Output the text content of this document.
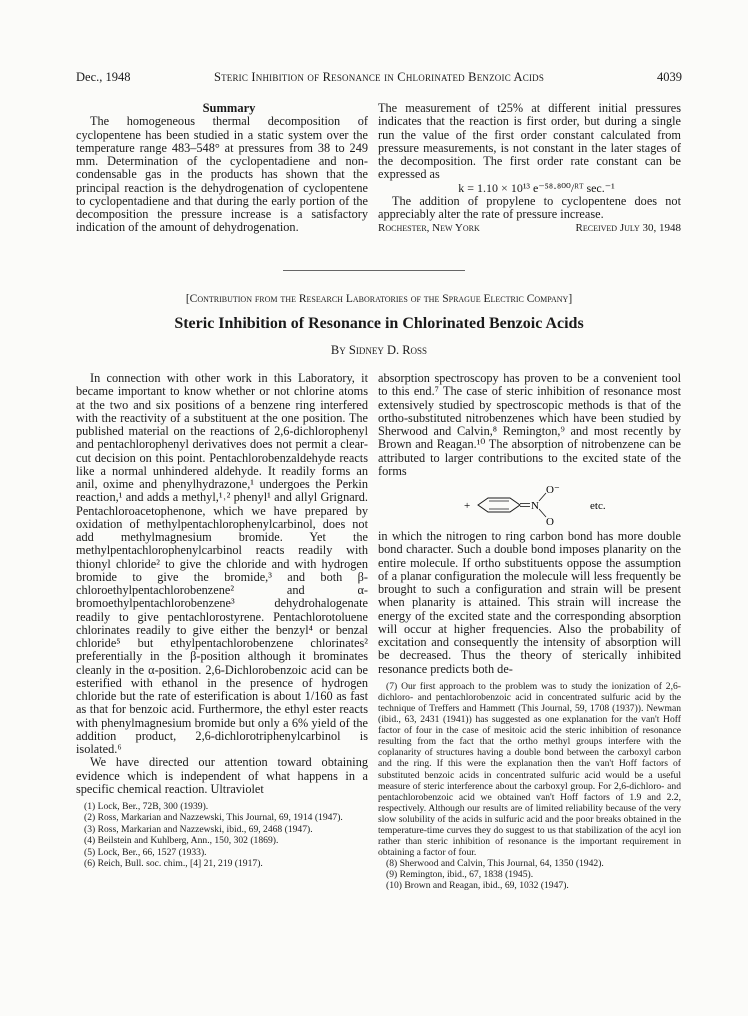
Dec., 1948	Steric Inhibition of Resonance in Chlorinated Benzoic Acids	4039

Summary

The homogeneous thermal decomposition of cyclopentene has been studied in a static system over the temperature range 483–548° at pressures from 38 to 249 mm. Determination of the cyclopentadiene and non-condensable gas in the products has shown that the principal reaction is the dehydrogenation of cyclopentene to cyclopentadiene and that during the early portion of the decomposition the pressure increase is a satisfactory indication of the amount of dehydrogenation.

The measurement of t25% at different initial pressures indicates that the reaction is first order, but during a single run the value of the first order constant calculated from pressure measurements, is not constant in the later stages of the decomposition. The first order rate constant can be expressed as

k = 1.10 × 10¹³ e⁻⁵⁸·⁸⁰⁰/ᴿᵀ sec.⁻¹

The addition of propylene to cyclopentene does not appreciably alter the rate of pressure increase.

Rochester, New York	Received July 30, 1948
[Contribution from the Research Laboratories of the Sprague Electric Company]
Steric Inhibition of Resonance in Chlorinated Benzoic Acids
By Sidney D. Ross

In connection with other work in this Laboratory, it became important to know whether or not chlorine atoms at the two and six positions of a benzene ring interfered with the reactivity of a substituent at the one position. The published material on the reactions of 2,6-dichlorophenyl and pentachlorophenyl derivatives does not permit a clear-cut decision on this point. Pentachlorobenzaldehyde reacts like a normal unhindered aldehyde. It readily forms an anil, oxime and phenylhydrazone,¹ undergoes the Perkin reaction,¹ and adds a methyl,¹˒² phenyl¹ and allyl Grignard. Pentachloroacetophenone, which we have prepared by oxidation of methylpentachlorophenylcarbinol, does not add methylmagnesium bromide. Yet the methylpentachlorophenylcarbinol reacts readily with thionyl chloride² to give the chloride and with hydrogen bromide to give the bromide,³ and both β-chloroethylpentachlorobenzene² and α-bromoethylpentachlorobenzene³ dehydrohalogenate readily to give pentachlorostyrene. Pentachlorotoluene chlorinates readily to give either the benzyl⁴ or benzal chloride⁵ but ethylpentachlorobenzene chlorinates² preferentially in the β-position although it brominates cleanly in the α-position. 2,6-Dichlorobenzoic acid can be esterified with ethanol in the presence of hydrogen chloride but the rate of esterification is about 1/160 as fast as that for benzoic acid. Furthermore, the ethyl ester reacts with phenylmagnesium bromide but only a 6% yield of the addition product, 2,6-dichlorotriphenylcarbinol is isolated.⁶

We have directed our attention toward obtaining evidence which is independent of what happens in a specific chemical reaction. Ultraviolet

(1) Lock, Ber., 72B, 300 (1939).
(2) Ross, Markarian and Nazzewski, This Journal, 69, 1914 (1947).
(3) Ross, Markarian and Nazzewski, ibid., 69, 2468 (1947).
(4) Beilstein and Kuhlberg, Ann., 150, 302 (1869).
(5) Lock, Ber., 66, 1527 (1933).
(6) Reich, Bull. soc. chim., [4] 21, 219 (1917).

absorption spectroscopy has proven to be a convenient tool to this end.⁷ The case of steric inhibition of resonance most extensively studied by spectroscopic methods is that of the ortho-substituted nitrobenzenes which have been studied by Sherwood and Calvin,⁸ Remington,⁹ and most recently by Brown and Reagan.¹⁰ The absorption of nitrobenzene can be attributed to larger contributions to the excited state of the forms

+	N
O⁻
O
etc.

in which the nitrogen to ring carbon bond has more double bond character. Such a double bond imposes planarity on the entire molecule. If ortho substituents oppose the assumption of a planar configuration the molecule will less frequently be brought to such a configuration and strain will be present when planarity is attained. This strain will increase the energy of the excited state and the corresponding absorption will occur at higher frequencies. Also the probability of excitation and consequently the intensity of absorption will be decreased. Thus the theory of sterically inhibited resonance predicts both de-

(7) Our first approach to the problem was to study the ionization of 2,6-dichloro- and pentachlorobenzoic acid in concentrated sulfuric acid by the technique of Treffers and Hammett (This Journal, 59, 1708 (1937)). Newman (ibid., 63, 2431 (1941)) has suggested as one explanation for the van't Hoff factor of four in the case of mesitoic acid the steric inhibition of resonance resulting from the fact that the ortho methyl groups interfere with the coplanarity of structures having a double bond between the carboxyl carbon and the ring. If this were the explanation then the van't Hoff factors of substituted benzoic acids in concentrated sulfuric acid would be a useful measure of steric interference about the carboxyl group. For 2,6-dichloro- and pentachlorobenzoic acid we obtained van't Hoff factors of 1.9 and 2.2, respectively. Although our results are of limited reliability because of the very slow solubility of the acids in sulfuric acid and the poor breaks obtained in the temperature-time curves they do suggest to us that stabilization of the acyl ion rather than steric inhibition of resonance is the important requirement in obtaining a factor of four.
(8) Sherwood and Calvin, This Journal, 64, 1350 (1942).
(9) Remington, ibid., 67, 1838 (1945).
(10) Brown and Reagan, ibid., 69, 1032 (1947).
